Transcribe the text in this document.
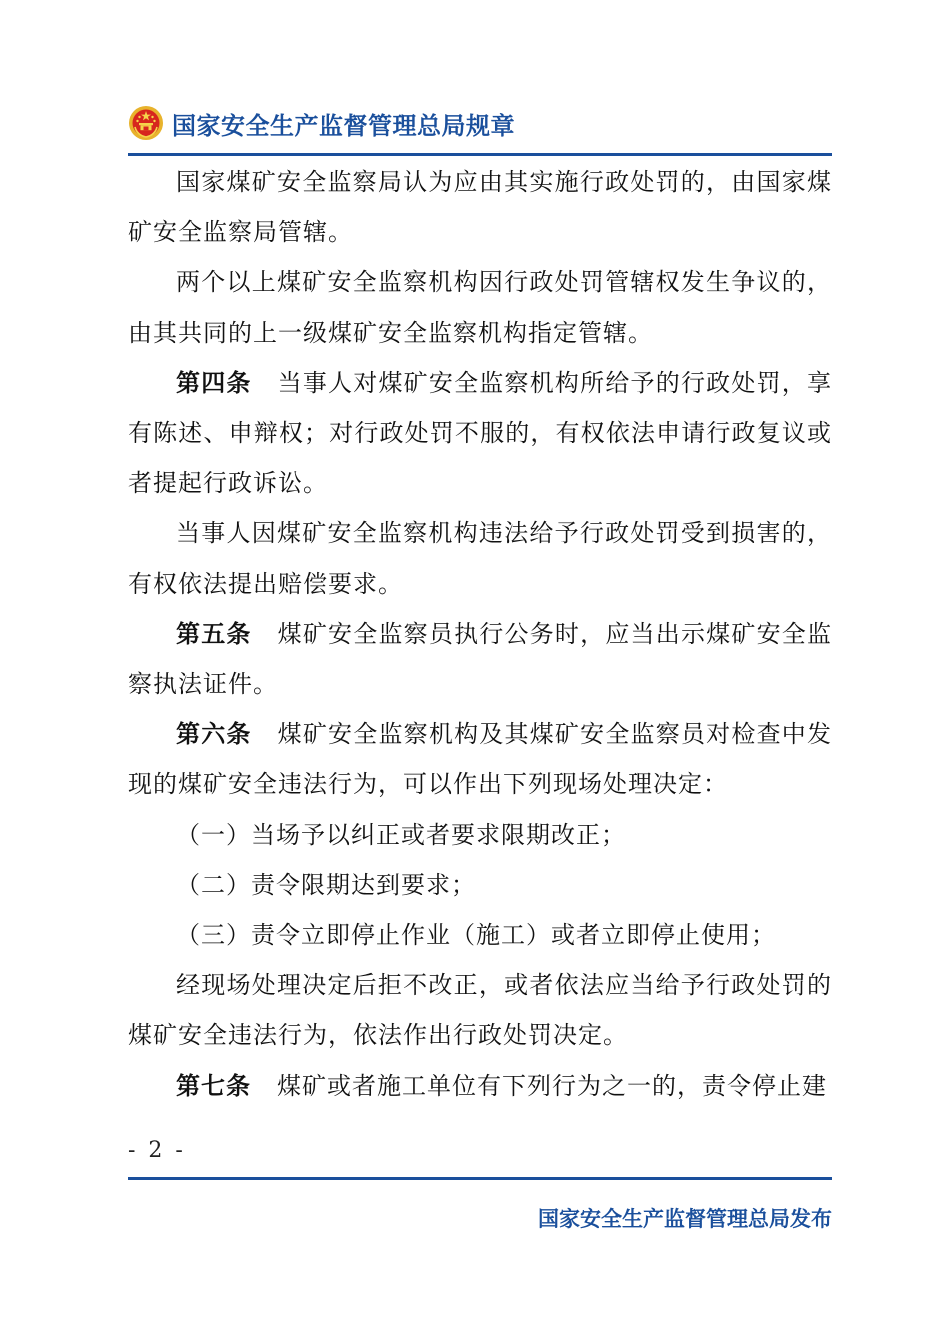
国家安全生产监督管理总局规章

国家煤矿安全监察局认为应由其实施行政处罚的，由国家煤矿安全监察局管辖。

两个以上煤矿安全监察机构因行政处罚管辖权发生争议的，由其共同的上一级煤矿安全监察机构指定管辖。

第四条 当事人对煤矿安全监察机构所给予的行政处罚，享有陈述、申辩权；对行政处罚不服的，有权依法申请行政复议或者提起行政诉讼。

当事人因煤矿安全监察机构违法给予行政处罚受到损害的，有权依法提出赔偿要求。

第五条 煤矿安全监察员执行公务时，应当出示煤矿安全监察执法证件。

第六条 煤矿安全监察机构及其煤矿安全监察员对检查中发现的煤矿安全违法行为，可以作出下列现场处理决定：

（一）当场予以纠正或者要求限期改正；

（二）责令限期达到要求；

（三）责令立即停止作业（施工）或者立即停止使用；

经现场处理决定后拒不改正，或者依法应当给予行政处罚的煤矿安全违法行为，依法作出行政处罚决定。

第七条 煤矿或者施工单位有下列行为之一的，责令停止建

- 2 -
国家安全生产监督管理总局发布
